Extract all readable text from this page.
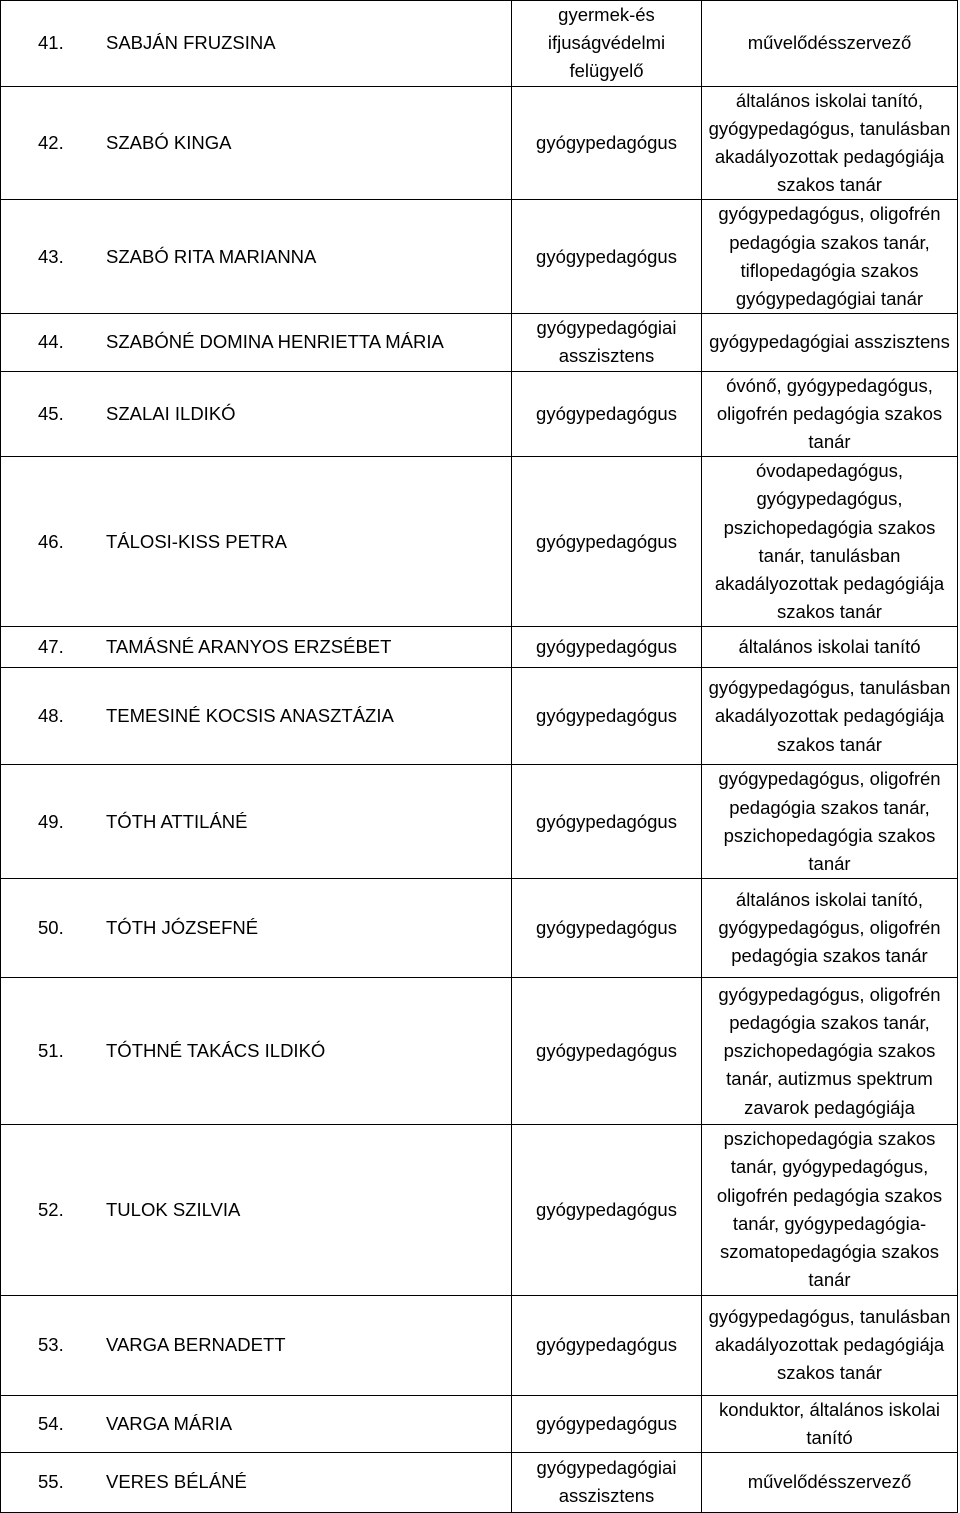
41.	SABJÁN FRUZSINA	gyermek-és ifjuságvédelmi felügyelő	művelődésszervező
42.	SZABÓ KINGA	gyógypedagógus	általános iskolai tanító, gyógypedagógus, tanulásban akadályozottak pedagógiája szakos tanár
43.	SZABÓ RITA MARIANNA	gyógypedagógus	gyógypedagógus, oligofrén pedagógia szakos tanár, tiflopedagógia szakos gyógypedagógiai tanár
44.	SZABÓNÉ DOMINA HENRIETTA MÁRIA	gyógypedagógiai asszisztens	gyógypedagógiai asszisztens
45.	SZALAI ILDIKÓ	gyógypedagógus	óvónő, gyógypedagógus, oligofrén pedagógia szakos tanár
46.	TÁLOSI-KISS PETRA	gyógypedagógus	óvodapedagógus, gyógypedagógus, pszichopedagógia szakos tanár, tanulásban akadályozottak pedagógiája szakos tanár
47.	TAMÁSNÉ ARANYOS ERZSÉBET	gyógypedagógus	általános iskolai tanító
48.	TEMESINÉ KOCSIS ANASZTÁZIA	gyógypedagógus	gyógypedagógus, tanulásban akadályozottak pedagógiája szakos tanár
49.	TÓTH ATTILÁNÉ	gyógypedagógus	gyógypedagógus, oligofrén pedagógia szakos tanár, pszichopedagógia szakos tanár
50.	TÓTH JÓZSEFNÉ	gyógypedagógus	általános iskolai tanító, gyógypedagógus, oligofrén pedagógia szakos tanár
51.	TÓTHNÉ TAKÁCS ILDIKÓ	gyógypedagógus	gyógypedagógus, oligofrén pedagógia szakos tanár, pszichopedagógia szakos tanár, autizmus spektrum zavarok pedagógiája
52.	TULOK SZILVIA	gyógypedagógus	pszichopedagógia szakos tanár, gyógypedagógus, oligofrén pedagógia szakos tanár, gyógypedagógia-szomatopedagógia szakos tanár
53.	VARGA BERNADETT	gyógypedagógus	gyógypedagógus, tanulásban akadályozottak pedagógiája szakos tanár
54.	VARGA MÁRIA	gyógypedagógus	konduktor, általános iskolai tanító
55.	VERES BÉLÁNÉ	gyógypedagógiai asszisztens	művelődésszervező
